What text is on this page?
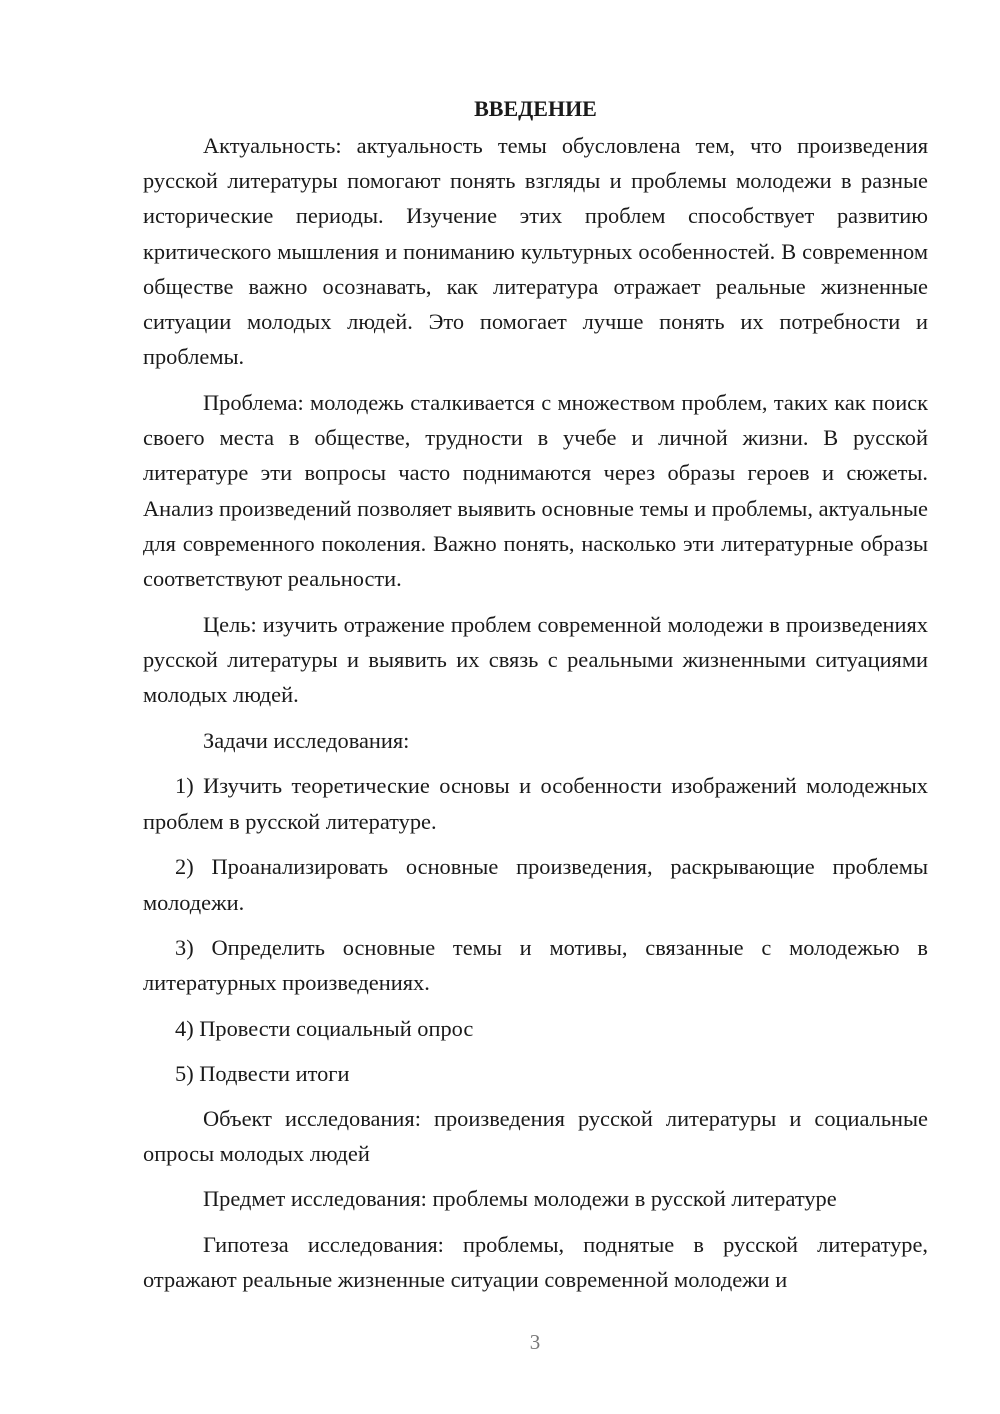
ВВЕДЕНИЕ

Актуальность: актуальность темы обусловлена тем, что произведения русской литературы помогают понять взгляды и проблемы молодежи в разные исторические периоды. Изучение этих проблем способствует развитию критического мышления и пониманию культурных особенностей. В современном обществе важно осознавать, как литература отражает реальные жизненные ситуации молодых людей. Это помогает лучше понять их потребности и проблемы.

Проблема: молодежь сталкивается с множеством проблем, таких как поиск своего места в обществе, трудности в учебе и личной жизни. В русской литературе эти вопросы часто поднимаются через образы героев и сюжеты. Анализ произведений позволяет выявить основные темы и проблемы, актуальные для современного поколения. Важно понять, насколько эти литературные образы соответствуют реальности.

Цель: изучить отражение проблем современной молодежи в произведениях русской литературы и выявить их связь с реальными жизненными ситуациями молодых людей.

Задачи исследования:

1) Изучить теоретические основы и особенности изображений молодежных проблем в русской литературе.

2) Проанализировать основные произведения, раскрывающие проблемы молодежи.

3) Определить основные темы и мотивы, связанные с молодежью в литературных произведениях.

4) Провести социальный опрос

5) Подвести итоги

Объект исследования: произведения русской литературы и социальные опросы молодых людей

Предмет исследования: проблемы молодежи в русской литературе

Гипотеза исследования: проблемы, поднятые в русской литературе, отражают реальные жизненные ситуации современной молодежи и

3
